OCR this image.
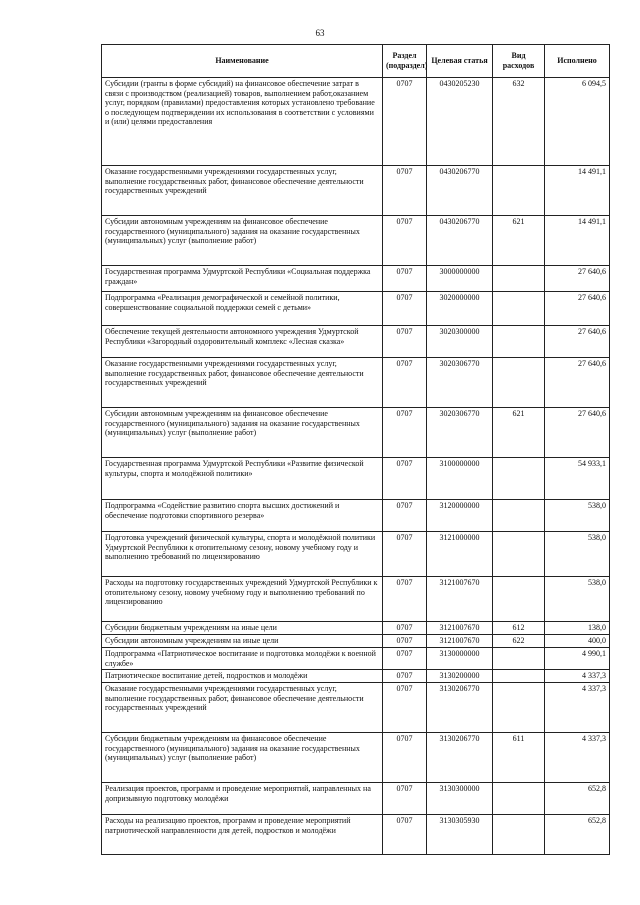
63
Наименование	Раздел (подраздел)	Целевая статья	Вид расходов	Исполнено
Субсидии (гранты в форме субсидий) на финансовое обеспечение затрат в связи с производством (реализацией) товаров, выполнением работ,оказанием услуг, порядком (правилами) предоставления которых установлено требование о последующем подтверждении их использования в соответствии с условиями и (или) целями предоставления	0707	0430205230	632	6 094,5
Оказание государственными учреждениями государственных услуг, выполнение государственных работ, финансовое обеспечение деятельности государственных учреждений	0707	0430206770		14 491,1
Субсидии автономным учреждениям на финансовое обеспечение государственного (муниципального) задания на оказание государственных (муниципальных) услуг (выполнение работ)	0707	0430206770	621	14 491,1
Государственная программа Удмуртской Республики «Социальная поддержка граждан»	0707	3000000000		27 640,6
Подпрограмма «Реализация демографической и семейной политики, совершенствование социальной поддержки семей с детьми»	0707	3020000000		27 640,6
Обеспечение текущей деятельности автономного учреждения Удмуртской Республики «Загородный оздоровительный комплекс «Лесная сказка»	0707	3020300000		27 640,6
Оказание государственными учреждениями государственных услуг, выполнение государственных работ, финансовое обеспечение деятельности государственных учреждений	0707	3020306770		27 640,6
Субсидии автономным учреждениям на финансовое обеспечение государственного (муниципального) задания на оказание государственных (муниципальных) услуг (выполнение работ)	0707	3020306770	621	27 640,6
Государственная программа Удмуртской Республики «Развитие физической культуры, спорта и молодёжной политики»	0707	3100000000		54 933,1
Подпрограмма «Содействие развитию спорта высших достижений и обеспечение подготовки спортивного резерва»	0707	3120000000		538,0
Подготовка учреждений физической культуры, спорта и молодёжной политики Удмуртской Республики к отопительному сезону, новому учебному году и выполнению требований по лицензированию	0707	3121000000		538,0
Расходы на подготовку государственных учреждений Удмуртской Республики к отопительному сезону, новому учебному году и выполнению требований по лицензированию	0707	3121007670		538,0
Субсидии бюджетным учреждениям на иные цели	0707	3121007670	612	138,0
Субсидии автономным учреждениям на иные цели	0707	3121007670	622	400,0
Подпрограмма «Патриотическое воспитание и подготовка молодёжи к военной службе»	0707	3130000000		4 990,1
Патриотическое воспитание детей, подростков и молодёжи	0707	3130200000		4 337,3
Оказание государственными учреждениями государственных услуг, выполнение государственных работ, финансовое обеспечение деятельности государственных учреждений	0707	3130206770		4 337,3
Субсидии бюджетным учреждениям на финансовое обеспечение государственного (муниципального) задания на оказание государственных (муниципальных) услуг (выполнение работ)	0707	3130206770	611	4 337,3
Реализация проектов, программ и проведение мероприятий, направленных на допризывную подготовку молодёжи	0707	3130300000		652,8
Расходы на реализацию проектов, программ и проведение мероприятий патриотической направленности для детей, подростков и молодёжи	0707	3130305930		652,8
